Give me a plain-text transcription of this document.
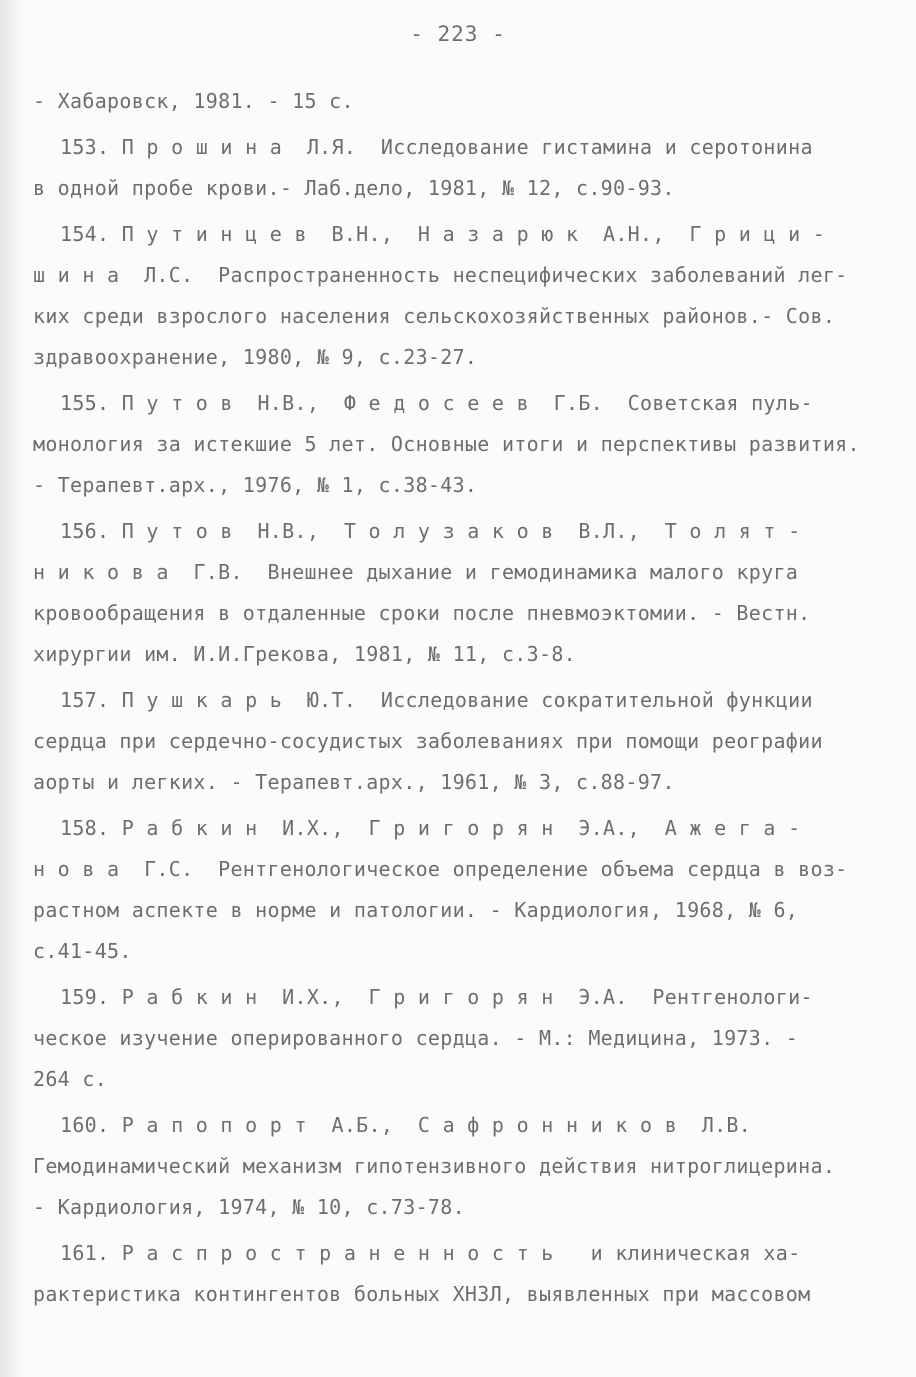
- 223 -
- Хабаровск, 1981. - 15 с.
153. П р о ш и н а  Л.Я.  Исследование гистамина и серотонина
в одной пробе крови.- Лаб.дело, 1981, № 12, с.90-93.
154. П у т и н ц е в  В.Н.,  Н а з а р ю к  А.Н.,  Г р и ц и -
ш и н а  Л.С.  Распространенность неспецифических заболеваний лег-
ких среди взрослого населения сельскохозяйственных районов.- Сов.
здравоохранение, 1980, № 9, с.23-27.
155. П у т о в  Н.В.,  Ф е д о с е е в  Г.Б.  Советская пуль-
монология за истекшие 5 лет. Основные итоги и перспективы развития.
- Терапевт.арх., 1976, № 1, с.38-43.
156. П у т о в  Н.В.,  Т о л у з а к о в  В.Л.,  Т о л я т -
н и к о в а  Г.В.  Внешнее дыхание и гемодинамика малого круга
кровообращения в отдаленные сроки после пневмоэктомии. - Вестн.
хирургии им. И.И.Грекова, 1981, № 11, с.3-8.
157. П у ш к а р ь  Ю.Т.  Исследование сократительной функции
сердца при сердечно-сосудистых заболеваниях при помощи реографии
аорты и легких. - Терапевт.арх., 1961, № 3, с.88-97.
158. Р а б к и н  И.Х.,  Г р и г о р я н  Э.А.,  А ж е г а -
н о в а  Г.С.  Рентгенологическое определение объема сердца в воз-
растном аспекте в норме и патологии. - Кардиология, 1968, № 6,
с.41-45.
159. Р а б к и н  И.Х.,  Г р и г о р я н  Э.А.  Рентгенологи-
ческое изучение оперированного сердца. - М.: Медицина, 1973. -
264 с.
160. Р а п о п о р т  А.Б.,  С а ф р о н н и к о в  Л.В.
Гемодинамический механизм гипотензивного действия нитроглицерина.
- Кардиология, 1974, № 10, с.73-78.
161. Р а с п р о с т р а н е н н о с т ь   и клиническая ха-
рактеристика контингентов больных ХНЗЛ, выявленных при массовом
